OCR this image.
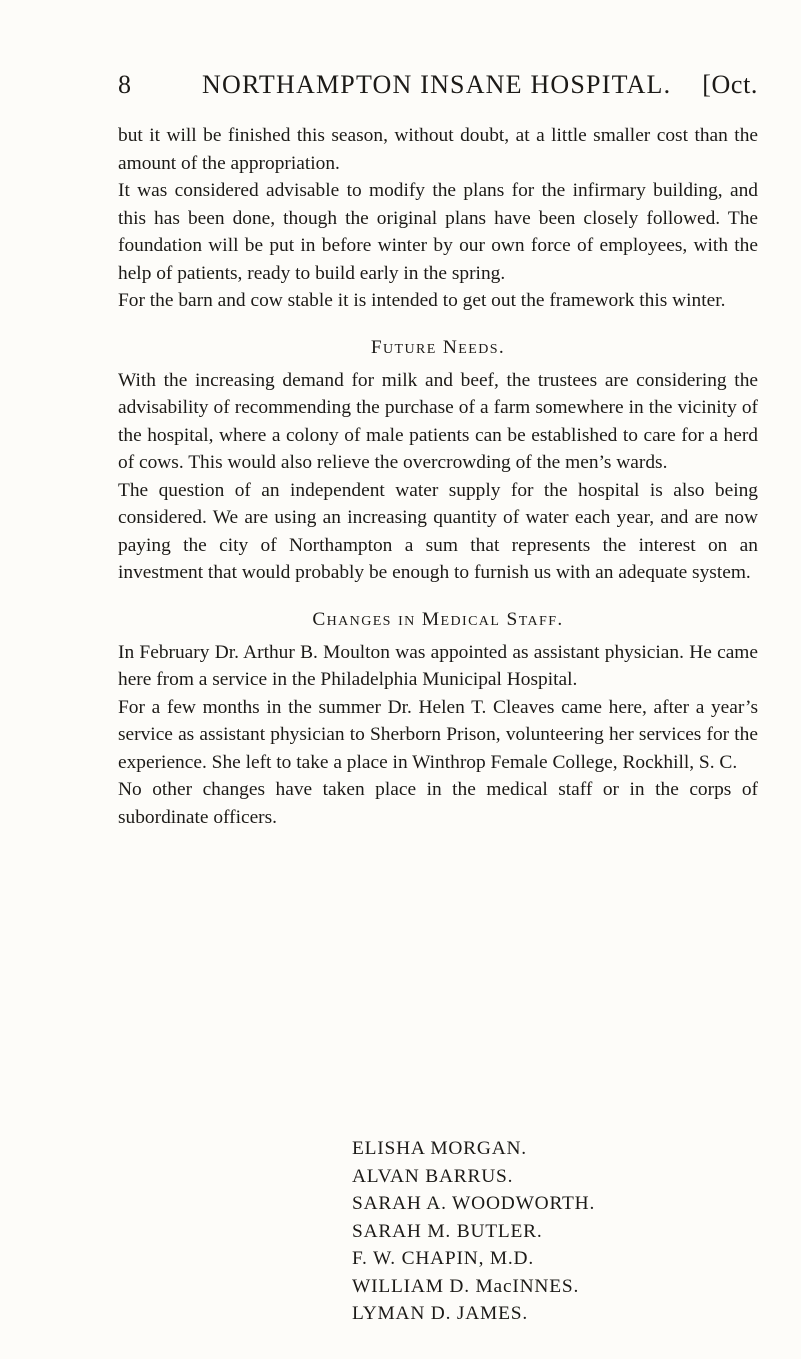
8	NORTHAMPTON INSANE HOSPITAL. [Oct.

but it will be finished this season, without doubt, at a little smaller cost than the amount of the appropriation.

It was considered advisable to modify the plans for the infirmary building, and this has been done, though the original plans have been closely followed. The foundation will be put in before winter by our own force of employees, with the help of patients, ready to build early in the spring.

For the barn and cow stable it is intended to get out the framework this winter.

Future Needs.

With the increasing demand for milk and beef, the trustees are considering the advisability of recommending the purchase of a farm somewhere in the vicinity of the hospital, where a colony of male patients can be established to care for a herd of cows. This would also relieve the overcrowding of the men’s wards.

The question of an independent water supply for the hospital is also being considered. We are using an increasing quantity of water each year, and are now paying the city of Northampton a sum that represents the interest on an investment that would probably be enough to furnish us with an adequate system.

Changes in Medical Staff.

In February Dr. Arthur B. Moulton was appointed as assistant physician. He came here from a service in the Philadelphia Municipal Hospital.

For a few months in the summer Dr. Helen T. Cleaves came here, after a year’s service as assistant physician to Sherborn Prison, volunteering her services for the experience. She left to take a place in Winthrop Female College, Rockhill, S. C.

No other changes have taken place in the medical staff or in the corps of subordinate officers.

ELISHA MORGAN.
ALVAN BARRUS.
SARAH A. WOODWORTH.
SARAH M. BUTLER.
F. W. CHAPIN, M.D.
WILLIAM D. MacINNES.
LYMAN D. JAMES.
